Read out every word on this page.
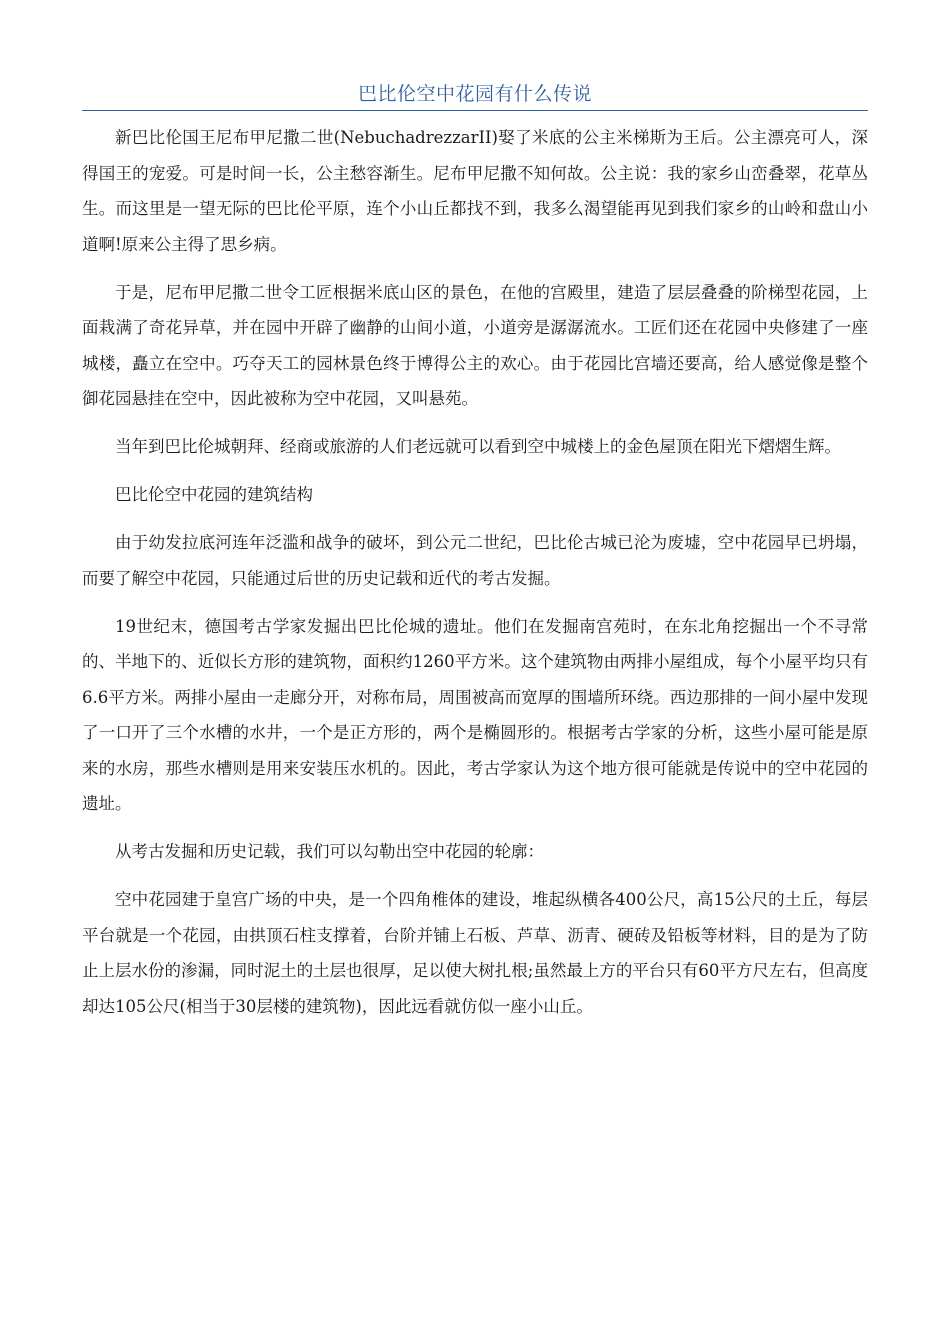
巴比伦空中花园有什么传说

新巴比伦国王尼布甲尼撒二世(NebuchadrezzarII)娶了米底的公主米梯斯为王后。公主漂亮可人，深得国王的宠爱。可是时间一长，公主愁容渐生。尼布甲尼撒不知何故。公主说：我的家乡山峦叠翠，花草丛生。而这里是一望无际的巴比伦平原，连个小山丘都找不到，我多么渴望能再见到我们家乡的山岭和盘山小道啊!原来公主得了思乡病。

于是，尼布甲尼撒二世令工匠根据米底山区的景色，在他的宫殿里，建造了层层叠叠的阶梯型花园，上面栽满了奇花异草，并在园中开辟了幽静的山间小道，小道旁是潺潺流水。工匠们还在花园中央修建了一座城楼，矗立在空中。巧夺天工的园林景色终于博得公主的欢心。由于花园比宫墙还要高，给人感觉像是整个御花园悬挂在空中，因此被称为空中花园，又叫悬苑。

当年到巴比伦城朝拜、经商或旅游的人们老远就可以看到空中城楼上的金色屋顶在阳光下熠熠生辉。

巴比伦空中花园的建筑结构

由于幼发拉底河连年泛滥和战争的破坏，到公元二世纪，巴比伦古城已沦为废墟，空中花园早已坍塌，而要了解空中花园，只能通过后世的历史记载和近代的考古发掘。

19世纪末，德国考古学家发掘出巴比伦城的遗址。他们在发掘南宫苑时，在东北角挖掘出一个不寻常的、半地下的、近似长方形的建筑物，面积约1260平方米。这个建筑物由两排小屋组成，每个小屋平均只有6.6平方米。两排小屋由一走廊分开，对称布局，周围被高而宽厚的围墙所环绕。西边那排的一间小屋中发现了一口开了三个水槽的水井，一个是正方形的，两个是椭圆形的。根据考古学家的分析，这些小屋可能是原来的水房，那些水槽则是用来安装压水机的。因此，考古学家认为这个地方很可能就是传说中的空中花园的遗址。

从考古发掘和历史记载，我们可以勾勒出空中花园的轮廓：

空中花园建于皇宫广场的中央，是一个四角椎体的建设，堆起纵横各400公尺，高15公尺的土丘，每层平台就是一个花园，由拱顶石柱支撑着，台阶并铺上石板、芦草、沥青、硬砖及铅板等材料，目的是为了防止上层水份的渗漏，同时泥土的土层也很厚，足以使大树扎根;虽然最上方的平台只有60平方尺左右，但高度却达105公尺(相当于30层楼的建筑物)，因此远看就仿似一座小山丘。
